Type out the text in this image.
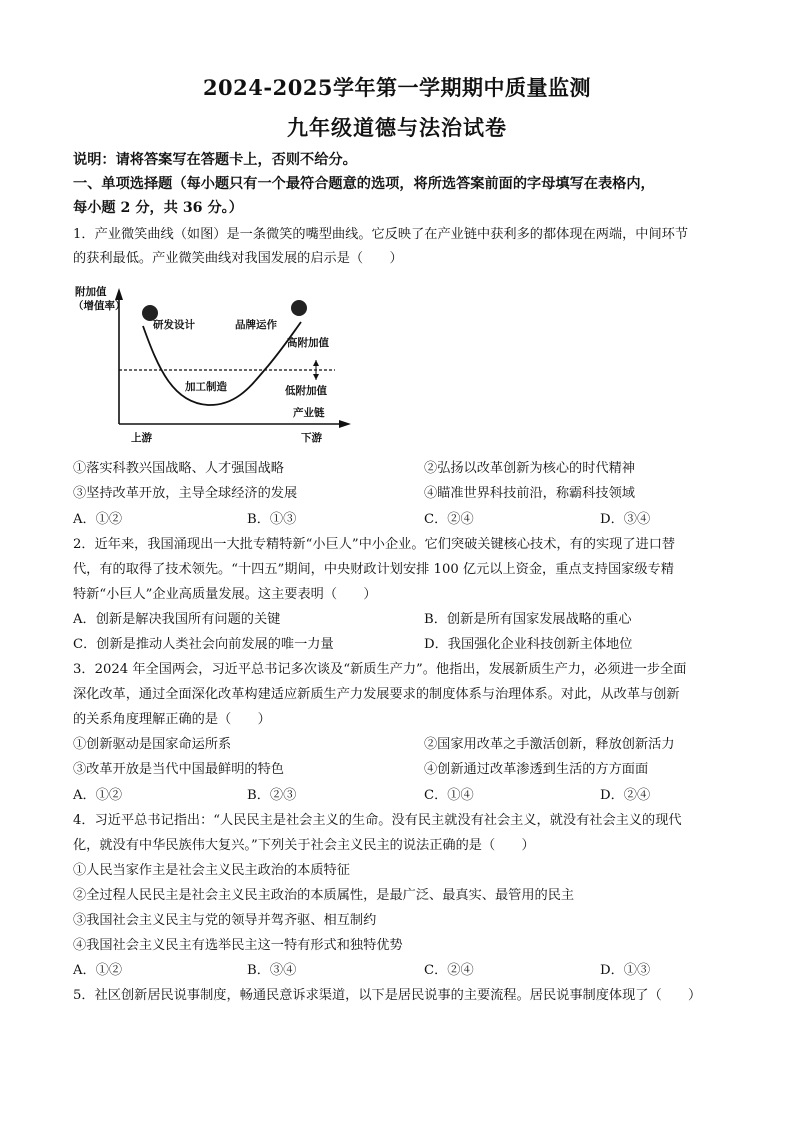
2024-2025学年第一学期期中质量监测
九年级道德与法治试卷
说明：请将答案写在答题卡上，否则不给分。
一、单项选择题（每小题只有一个最符合题意的选项，将所选答案前面的字母填写在表格内，
每小题 2 分，共 36 分。）
1．产业微笑曲线（如图）是一条微笑的嘴型曲线。它反映了在产业链中获利多的都体现在两端，中间环节
的获利最低。产业微笑曲线对我国发展的启示是（　　）
附加值
（增值率）
研发设计	品牌运作
高附加值
加工制造	低附加值
产业链
上游	下游
①落实科教兴国战略、人才强国战略	②弘扬以改革创新为核心的时代精神
③坚持改革开放，主导全球经济的发展	④瞄准世界科技前沿，称霸科技领域
A．①②	B．①③	C．②④	D．③④
2．近年来，我国涌现出一大批专精特新“小巨人”中小企业。它们突破关键核心技术，有的实现了进口替
代，有的取得了技术领先。“十四五”期间，中央财政计划安排 100 亿元以上资金，重点支持国家级专精
特新“小巨人”企业高质量发展。这主要表明（　　）
A．创新是解决我国所有问题的关键	B．创新是所有国家发展战略的重心
C．创新是推动人类社会向前发展的唯一力量	D．我国强化企业科技创新主体地位
3．2024 年全国两会，习近平总书记多次谈及“新质生产力”。他指出，发展新质生产力，必须进一步全面
深化改革，通过全面深化改革构建适应新质生产力发展要求的制度体系与治理体系。对此，从改革与创新
的关系角度理解正确的是（　　）
①创新驱动是国家命运所系	②国家用改革之手激活创新，释放创新活力
③改革开放是当代中国最鲜明的特色	④创新通过改革渗透到生活的方方面面
A．①②	B．②③	C．①④	D．②④
4．习近平总书记指出：“人民民主是社会主义的生命。没有民主就没有社会主义，就没有社会主义的现代
化，就没有中华民族伟大复兴。”下列关于社会主义民主的说法正确的是（　　）
①人民当家作主是社会主义民主政治的本质特征
②全过程人民民主是社会主义民主政治的本质属性，是最广泛、最真实、最管用的民主
③我国社会主义民主与党的领导并驾齐驱、相互制约
④我国社会主义民主有选举民主这一特有形式和独特优势
A．①②	B．③④	C．②④	D．①③
5．社区创新居民说事制度，畅通民意诉求渠道，以下是居民说事的主要流程。居民说事制度体现了（　　）
